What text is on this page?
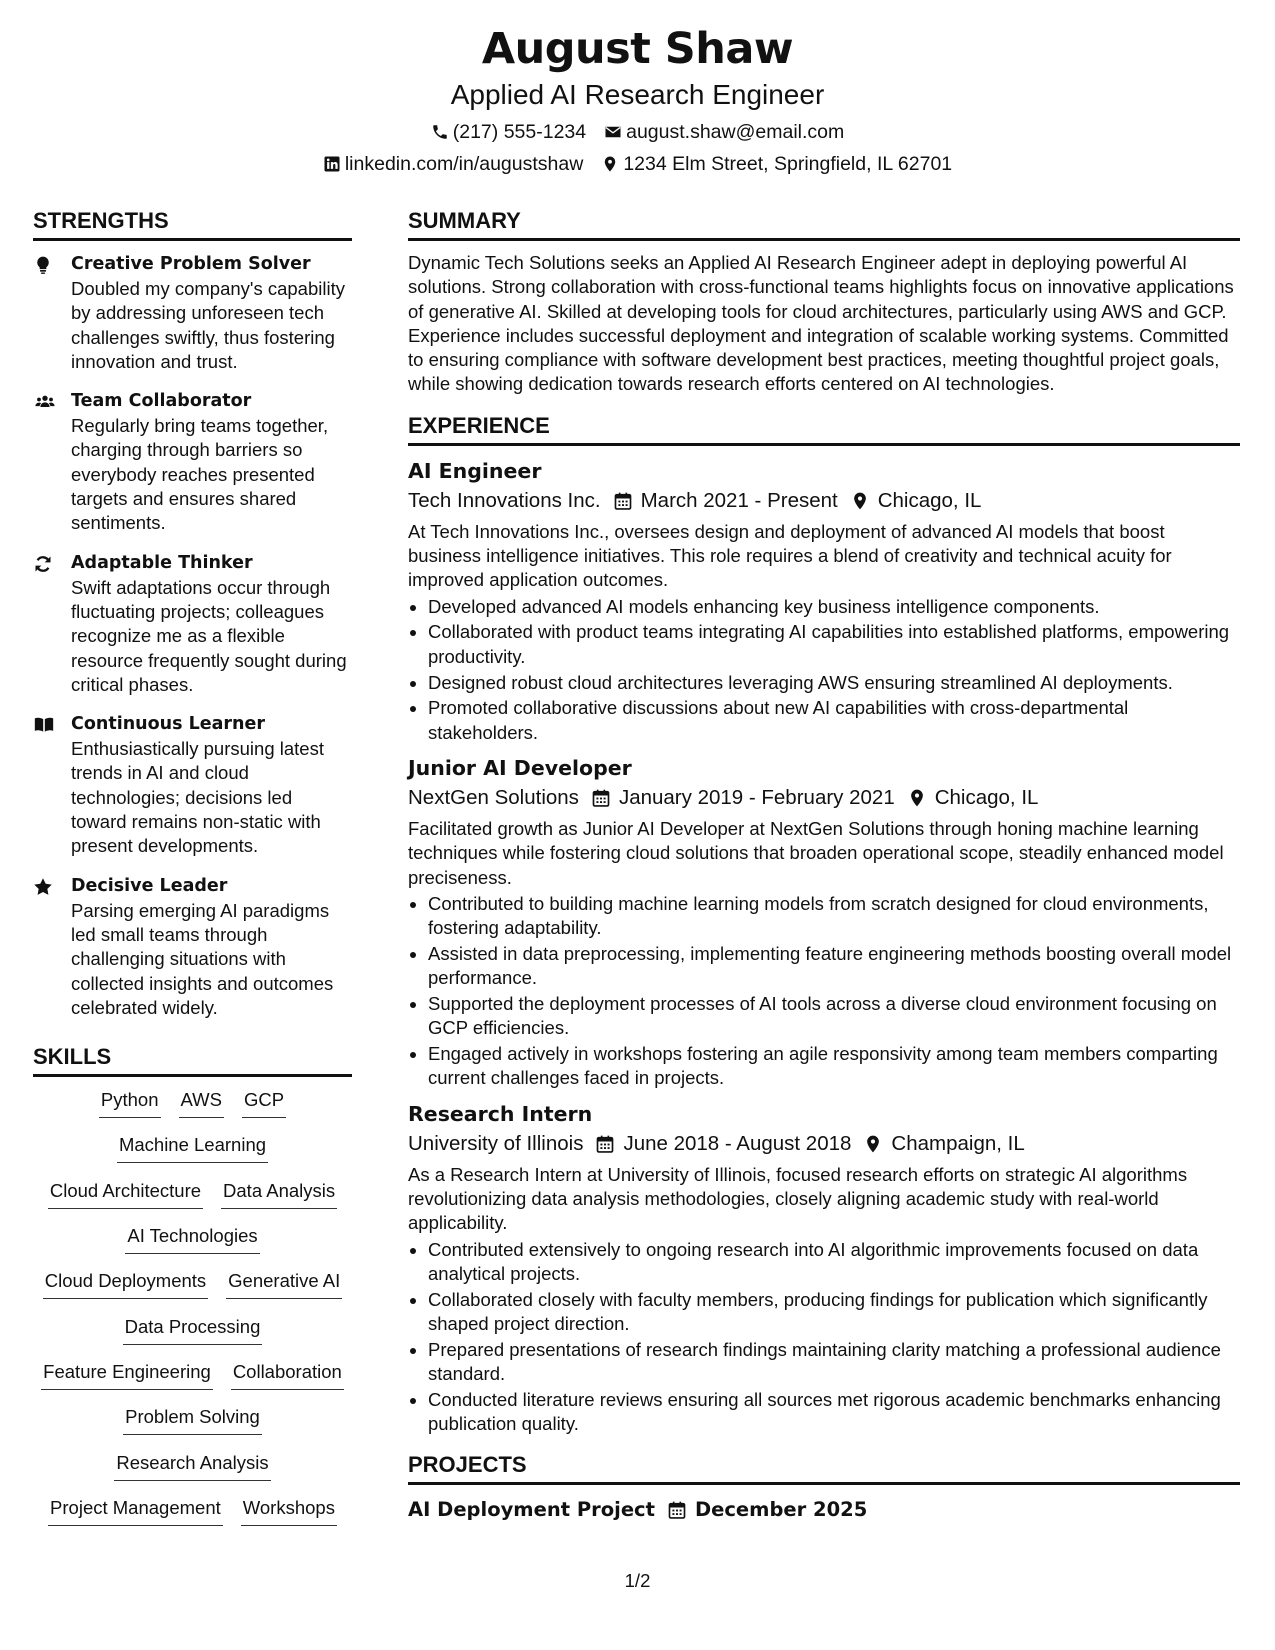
August Shaw
Applied AI Research Engineer
(217) 555-1234 august.shaw@email.com
linkedin.com/in/augustshaw 1234 Elm Street, Springfield, IL 62701
STRENGTHS
Creative Problem Solver
Doubled my company's capability by addressing unforeseen tech challenges swiftly, thus fostering innovation and trust.
Team Collaborator
Regularly bring teams together, charging through barriers so everybody reaches presented targets and ensures shared sentiments.
Adaptable Thinker
Swift adaptations occur through fluctuating projects; colleagues recognize me as a flexible resource frequently sought during critical phases.
Continuous Learner
Enthusiastically pursuing latest trends in AI and cloud technologies; decisions led toward remains non-static with present developments.
Decisive Leader
Parsing emerging AI paradigms led small teams through challenging situations with collected insights and outcomes celebrated widely.
SKILLS
Python AWS GCP
Machine Learning
Cloud Architecture Data Analysis
AI Technologies
Cloud Deployments Generative AI
Data Processing
Feature Engineering Collaboration
Problem Solving
Research Analysis
Project Management Workshops
SUMMARY

Dynamic Tech Solutions seeks an Applied AI Research Engineer adept in deploying powerful AI solutions. Strong collaboration with cross-functional teams highlights focus on innovative applications of generative AI. Skilled at developing tools for cloud architectures, particularly using AWS and GCP. Experience includes successful deployment and integration of scalable working systems. Committed to ensuring compliance with software development best practices, meeting thoughtful project goals, while showing dedication towards research efforts centered on AI technologies.

EXPERIENCE
AI Engineer
Tech Innovations Inc. March 2021 - Present Chicago, IL

At Tech Innovations Inc., oversees design and deployment of advanced AI models that boost business intelligence initiatives. This role requires a blend of creativity and technical acuity for improved application outcomes.

• Developed advanced AI models enhancing key business intelligence components.
• Collaborated with product teams integrating AI capabilities into established platforms, empowering productivity.
• Designed robust cloud architectures leveraging AWS ensuring streamlined AI deployments.
• Promoted collaborative discussions about new AI capabilities with cross-departmental stakeholders.
Junior AI Developer
NextGen Solutions January 2019 - February 2021 Chicago, IL

Facilitated growth as Junior AI Developer at NextGen Solutions through honing machine learning techniques while fostering cloud solutions that broaden operational scope, steadily enhanced model preciseness.

• Contributed to building machine learning models from scratch designed for cloud environments, fostering adaptability.
• Assisted in data preprocessing, implementing feature engineering methods boosting overall model performance.
• Supported the deployment processes of AI tools across a diverse cloud environment focusing on GCP efficiencies.
• Engaged actively in workshops fostering an agile responsivity among team members comparting current challenges faced in projects.
Research Intern
University of Illinois June 2018 - August 2018 Champaign, IL

As a Research Intern at University of Illinois, focused research efforts on strategic AI algorithms revolutionizing data analysis methodologies, closely aligning academic study with real-world applicability.

• Contributed extensively to ongoing research into AI algorithmic improvements focused on data analytical projects.
• Collaborated closely with faculty members, producing findings for publication which significantly shaped project direction.
• Prepared presentations of research findings maintaining clarity matching a professional audience standard.
• Conducted literature reviews ensuring all sources met rigorous academic benchmarks enhancing publication quality.
PROJECTS
AI Deployment Project December 2025
1/2
